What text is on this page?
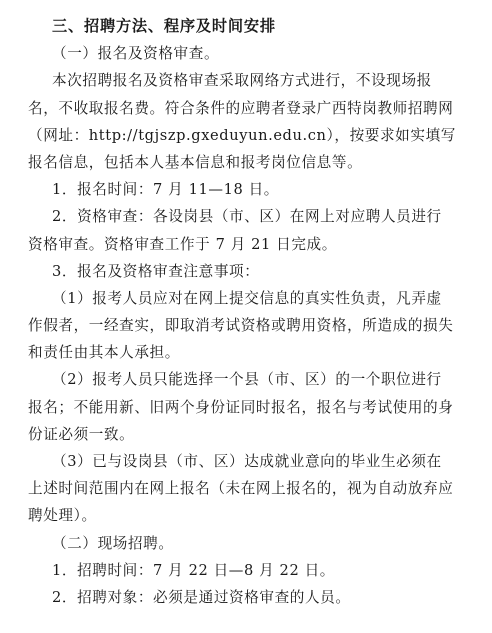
三、招聘方法、程序及时间安排
（一）报名及资格审查。
本次招聘报名及资格审查采取网络方式进行，不设现场报
名，不收取报名费。符合条件的应聘者登录广西特岗教师招聘网
（网址：http://tgjszp.gxeduyun.edu.cn），按要求如实填写
报名信息，包括本人基本信息和报考岗位信息等。
1．报名时间：7 月 11—18 日。
2．资格审查：各设岗县（市、区）在网上对应聘人员进行
资格审查。资格审查工作于 7 月 21 日完成。
3．报名及资格审查注意事项：
（1）报考人员应对在网上提交信息的真实性负责，凡弄虚
作假者，一经查实，即取消考试资格或聘用资格，所造成的损失
和责任由其本人承担。
（2）报考人员只能选择一个县（市、区）的一个职位进行
报名；不能用新、旧两个身份证同时报名，报名与考试使用的身
份证必须一致。
（3）已与设岗县（市、区）达成就业意向的毕业生必须在
上述时间范围内在网上报名（未在网上报名的，视为自动放弃应
聘处理）。
（二）现场招聘。
1．招聘时间：7 月 22 日—8 月 22 日。
2．招聘对象：必须是通过资格审查的人员。
